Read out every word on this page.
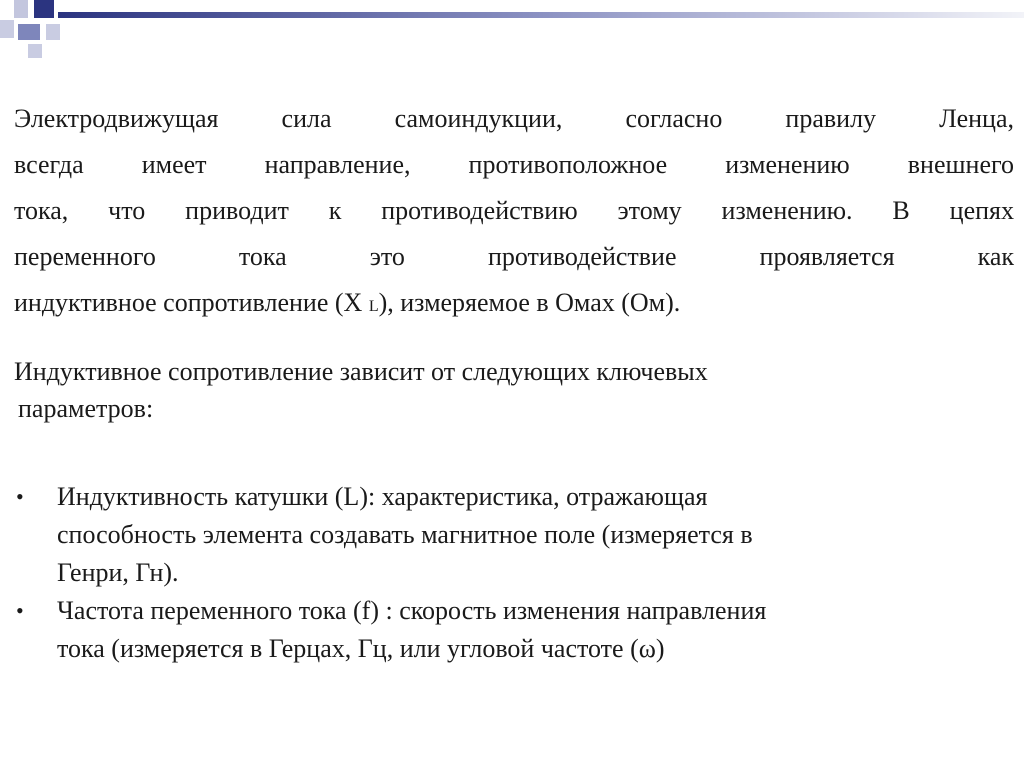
Электродвижущая сила самоиндукции, согласно правилу Ленца,
всегда имеет направление, противоположное изменению внешнего
тока, что приводит к противодействию этому изменению. В цепях
переменного тока это противодействие проявляется как
индуктивное сопротивление (X L), измеряемое в Омах (Ом).
Индуктивное сопротивление зависит от следующих ключевых
параметров:
• Индуктивность катушки (L): характеристика, отражающая
способность элемента создавать магнитное поле (измеряется в
Генри, Гн).
• Частота переменного тока (f) : скорость изменения направления
тока (измеряется в Герцах, Гц, или угловой частоте (ω)
